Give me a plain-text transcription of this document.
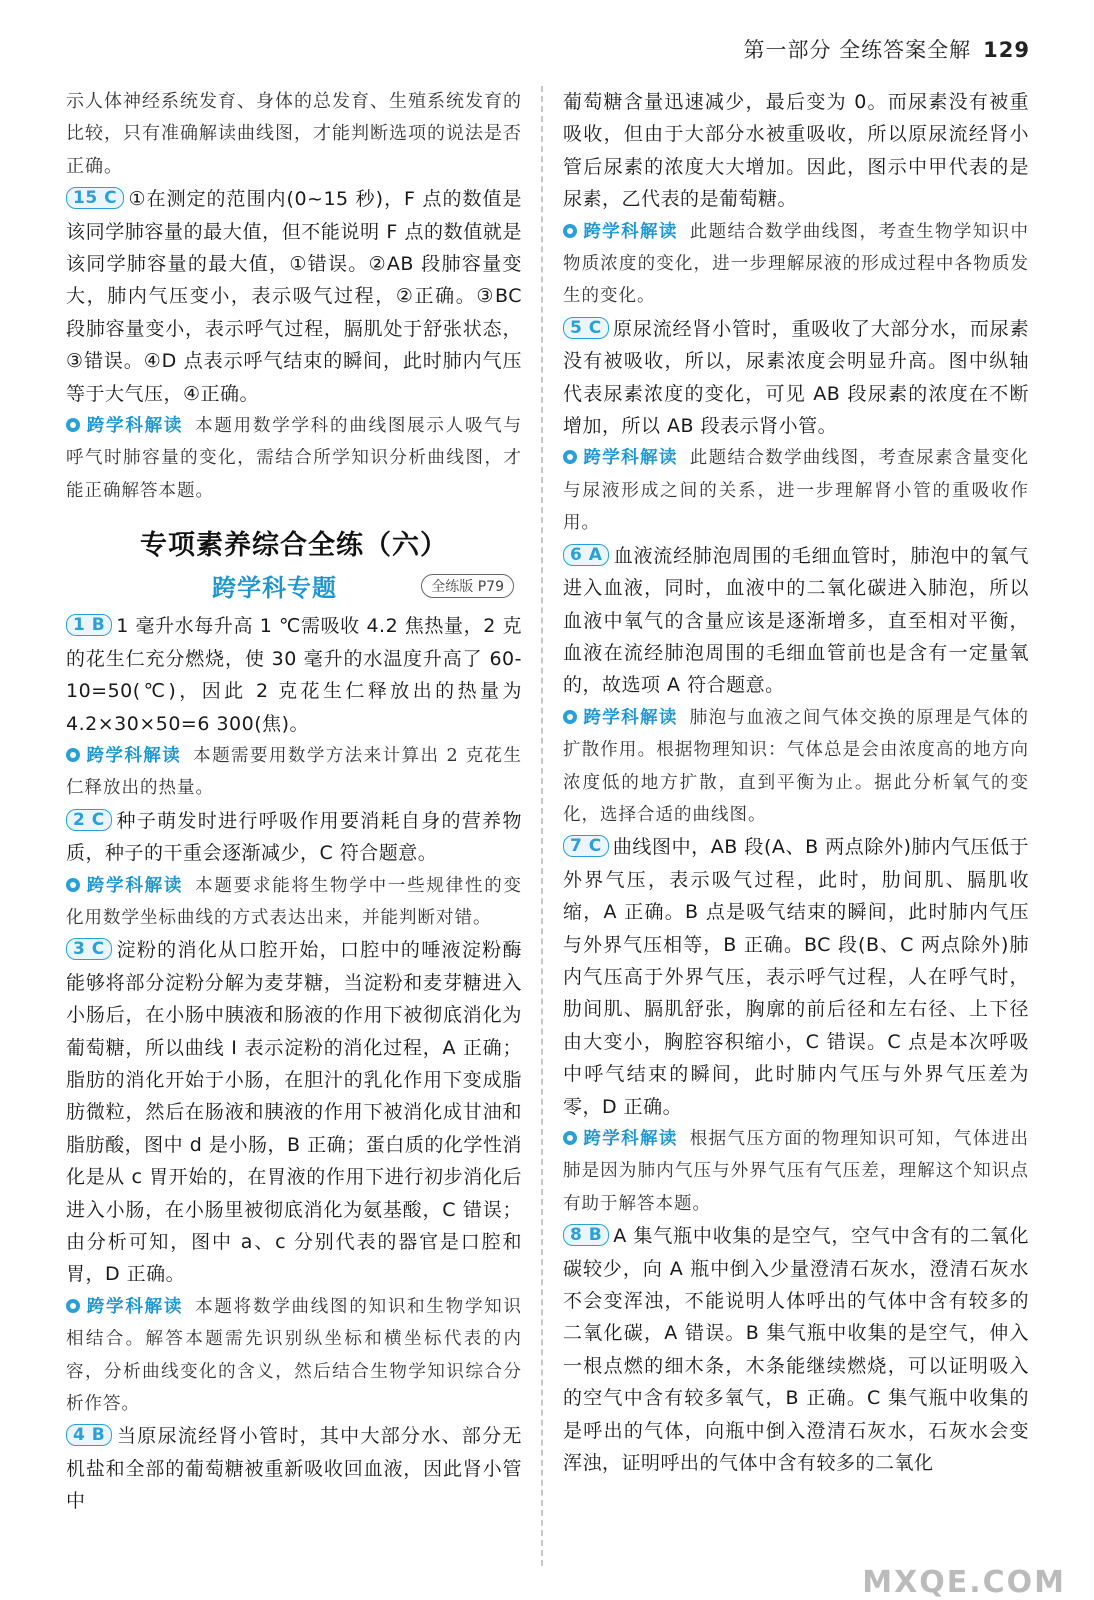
第一部分 全练答案全解 129

示人体神经系统发育、身体的总发育、生殖系统发育的比较，只有准确解读曲线图，才能判断选项的说法是否正确。

15 C ①在测定的范围内(0~15 秒)，F 点的数值是该同学肺容量的最大值，但不能说明 F 点的数值就是该同学肺容量的最大值，①错误。②AB 段肺容量变大，肺内气压变小，表示吸气过程，②正确。③BC 段肺容量变小，表示呼气过程，膈肌处于舒张状态，③错误。④D 点表示呼气结束的瞬间，此时肺内气压等于大气压，④正确。

跨学科解读 本题用数学学科的曲线图展示人吸气与呼气时肺容量的变化，需结合所学知识分析曲线图，才能正确解答本题。

专项素养综合全练（六）
跨学科专题	全练版 P79

1 B 1 毫升水每升高 1 ℃需吸收 4.2 焦热量，2 克的花生仁充分燃烧，使 30 毫升的水温度升高了 60-10=50(℃)，因此 2 克花生仁释放出的热量为 4.2×30×50=6 300(焦)。

跨学科解读 本题需要用数学方法来计算出 2 克花生仁释放出的热量。

2 C 种子萌发时进行呼吸作用要消耗自身的营养物质，种子的干重会逐渐减少，C 符合题意。

跨学科解读 本题要求能将生物学中一些规律性的变化用数学坐标曲线的方式表达出来，并能判断对错。

3 C 淀粉的消化从口腔开始，口腔中的唾液淀粉酶能够将部分淀粉分解为麦芽糖，当淀粉和麦芽糖进入小肠后，在小肠中胰液和肠液的作用下被彻底消化为葡萄糖，所以曲线 Ⅰ 表示淀粉的消化过程，A 正确；脂肪的消化开始于小肠，在胆汁的乳化作用下变成脂肪微粒，然后在肠液和胰液的作用下被消化成甘油和脂肪酸，图中 d 是小肠，B 正确；蛋白质的化学性消化是从 c 胃开始的，在胃液的作用下进行初步消化后进入小肠，在小肠里被彻底消化为氨基酸，C 错误；由分析可知，图中 a、c 分别代表的器官是口腔和胃，D 正确。

跨学科解读 本题将数学曲线图的知识和生物学知识相结合。解答本题需先识别纵坐标和横坐标代表的内容，分析曲线变化的含义，然后结合生物学知识综合分析作答。

4 B 当原尿流经肾小管时，其中大部分水、部分无机盐和全部的葡萄糖被重新吸收回血液，因此肾小管中

葡萄糖含量迅速减少，最后变为 0。而尿素没有被重吸收，但由于大部分水被重吸收，所以原尿流经肾小管后尿素的浓度大大增加。因此，图示中甲代表的是尿素，乙代表的是葡萄糖。

跨学科解读 此题结合数学曲线图，考查生物学知识中物质浓度的变化，进一步理解尿液的形成过程中各物质发生的变化。

5 C 原尿流经肾小管时，重吸收了大部分水，而尿素没有被吸收，所以，尿素浓度会明显升高。图中纵轴代表尿素浓度的变化，可见 AB 段尿素的浓度在不断增加，所以 AB 段表示肾小管。

跨学科解读 此题结合数学曲线图，考查尿素含量变化与尿液形成之间的关系，进一步理解肾小管的重吸收作用。

6 A 血液流经肺泡周围的毛细血管时，肺泡中的氧气进入血液，同时，血液中的二氧化碳进入肺泡，所以血液中氧气的含量应该是逐渐增多，直至相对平衡，血液在流经肺泡周围的毛细血管前也是含有一定量氧的，故选项 A 符合题意。

跨学科解读 肺泡与血液之间气体交换的原理是气体的扩散作用。根据物理知识：气体总是会由浓度高的地方向浓度低的地方扩散，直到平衡为止。据此分析氧气的变化，选择合适的曲线图。

7 C 曲线图中，AB 段(A、B 两点除外)肺内气压低于外界气压，表示吸气过程，此时，肋间肌、膈肌收缩，A 正确。B 点是吸气结束的瞬间，此时肺内气压与外界气压相等，B 正确。BC 段(B、C 两点除外)肺内气压高于外界气压，表示呼气过程，人在呼气时，肋间肌、膈肌舒张，胸廓的前后径和左右径、上下径由大变小，胸腔容积缩小，C 错误。C 点是本次呼吸中呼气结束的瞬间，此时肺内气压与外界气压差为零，D 正确。

跨学科解读 根据气压方面的物理知识可知，气体进出肺是因为肺内气压与外界气压有气压差，理解这个知识点有助于解答本题。

8 B A 集气瓶中收集的是空气，空气中含有的二氧化碳较少，向 A 瓶中倒入少量澄清石灰水，澄清石灰水不会变浑浊，不能说明人体呼出的气体中含有较多的二氧化碳，A 错误。B 集气瓶中收集的是空气，伸入一根点燃的细木条，木条能继续燃烧，可以证明吸入的空气中含有较多氧气，B 正确。C 集气瓶中收集的是呼出的气体，向瓶中倒入澄清石灰水，石灰水会变浑浊，证明呼出的气体中含有较多的二氧化

MXQE.COM
